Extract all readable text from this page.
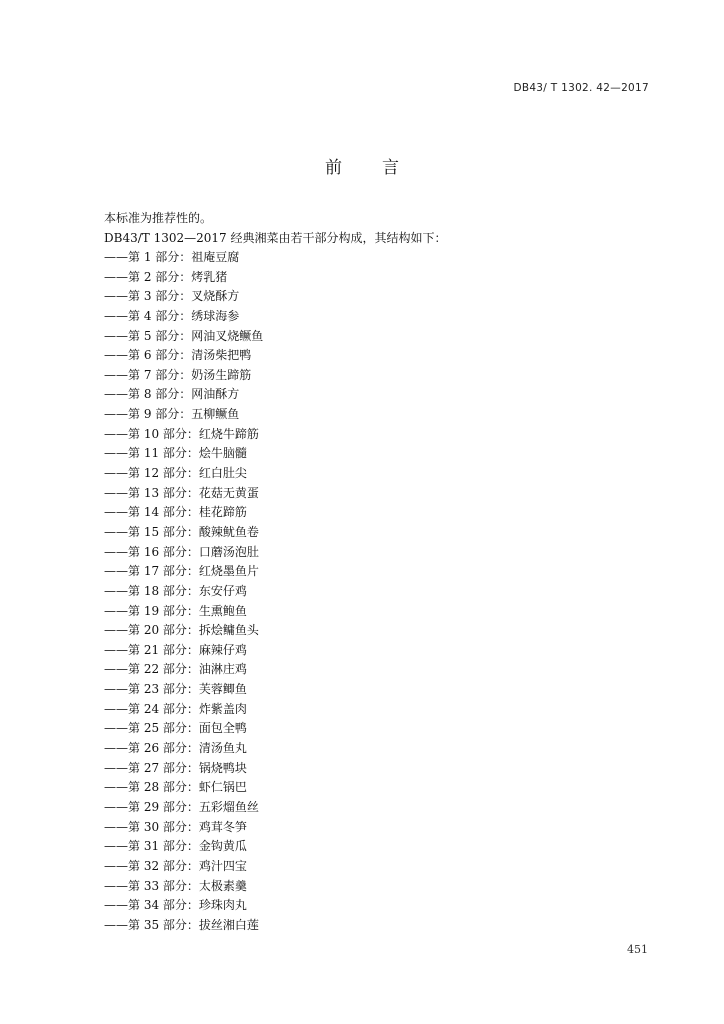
DB43/ T 1302. 42—2017
前言
本标准为推荐性的。
DB43/T 1302—2017 经典湘菜由若干部分构成，其结构如下：
——第 1 部分：祖庵豆腐
——第 2 部分：烤乳猪
——第 3 部分：叉烧酥方
——第 4 部分：绣球海参
——第 5 部分：网油叉烧鳜鱼
——第 6 部分：清汤柴把鸭
——第 7 部分：奶汤生蹄筋
——第 8 部分：网油酥方
——第 9 部分：五柳鳜鱼
——第 10 部分：红烧牛蹄筋
——第 11 部分：烩牛脑髓
——第 12 部分：红白肚尖
——第 13 部分：花菇无黄蛋
——第 14 部分：桂花蹄筋
——第 15 部分：酸辣鱿鱼卷
——第 16 部分：口蘑汤泡肚
——第 17 部分：红烧墨鱼片
——第 18 部分：东安仔鸡
——第 19 部分：生熏鲍鱼
——第 20 部分：拆烩鳙鱼头
——第 21 部分：麻辣仔鸡
——第 22 部分：油淋庄鸡
——第 23 部分：芙蓉鲫鱼
——第 24 部分：炸紫盖肉
——第 25 部分：面包全鸭
——第 26 部分：清汤鱼丸
——第 27 部分：锅烧鸭块
——第 28 部分：虾仁锅巴
——第 29 部分：五彩熘鱼丝
——第 30 部分：鸡茸冬笋
——第 31 部分：金钩黄瓜
——第 32 部分：鸡汁四宝
——第 33 部分：太极素羹
——第 34 部分：珍珠肉丸
——第 35 部分：拔丝湘白莲
451
